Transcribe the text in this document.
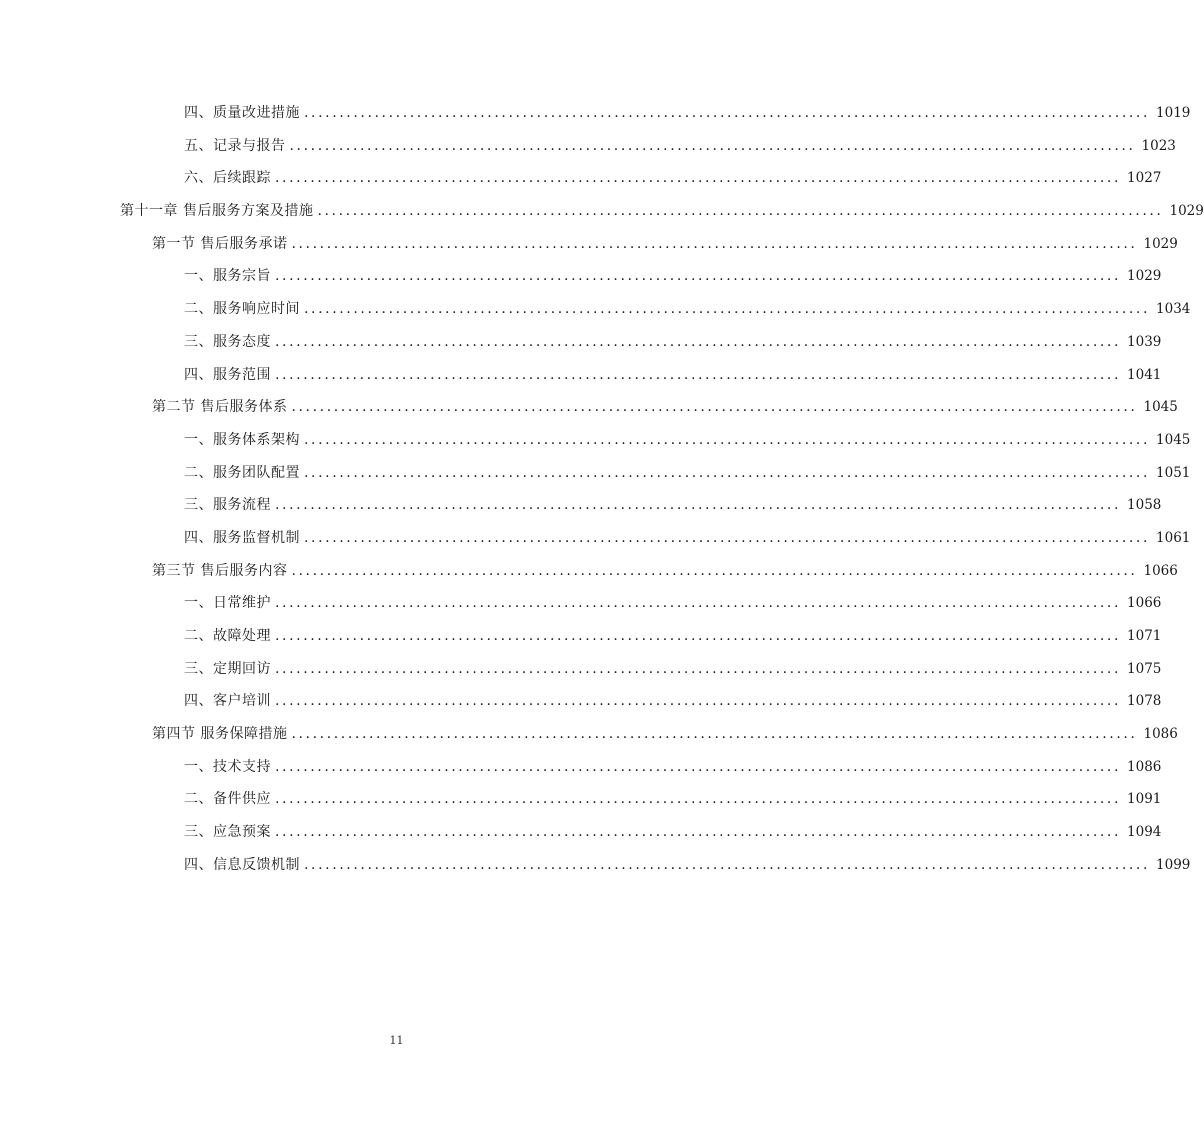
四、质量改进措施 ........................................................................................................................ 1019
五、记录与报告 ........................................................................................................................ 1023
六、后续跟踪 ........................................................................................................................ 1027
第十一章 售后服务方案及措施 ........................................................................................................................ 1029
第一节 售后服务承诺 ........................................................................................................................ 1029
一、服务宗旨 ........................................................................................................................ 1029
二、服务响应时间 ........................................................................................................................ 1034
三、服务态度 ........................................................................................................................ 1039
四、服务范围 ........................................................................................................................ 1041
第二节 售后服务体系 ........................................................................................................................ 1045
一、服务体系架构 ........................................................................................................................ 1045
二、服务团队配置 ........................................................................................................................ 1051
三、服务流程 ........................................................................................................................ 1058
四、服务监督机制 ........................................................................................................................ 1061
第三节 售后服务内容 ........................................................................................................................ 1066
一、日常维护 ........................................................................................................................ 1066
二、故障处理 ........................................................................................................................ 1071
三、定期回访 ........................................................................................................................ 1075
四、客户培训 ........................................................................................................................ 1078
第四节 服务保障措施 ........................................................................................................................ 1086
一、技术支持 ........................................................................................................................ 1086
二、备件供应 ........................................................................................................................ 1091
三、应急预案 ........................................................................................................................ 1094
四、信息反馈机制 ........................................................................................................................ 1099
11
